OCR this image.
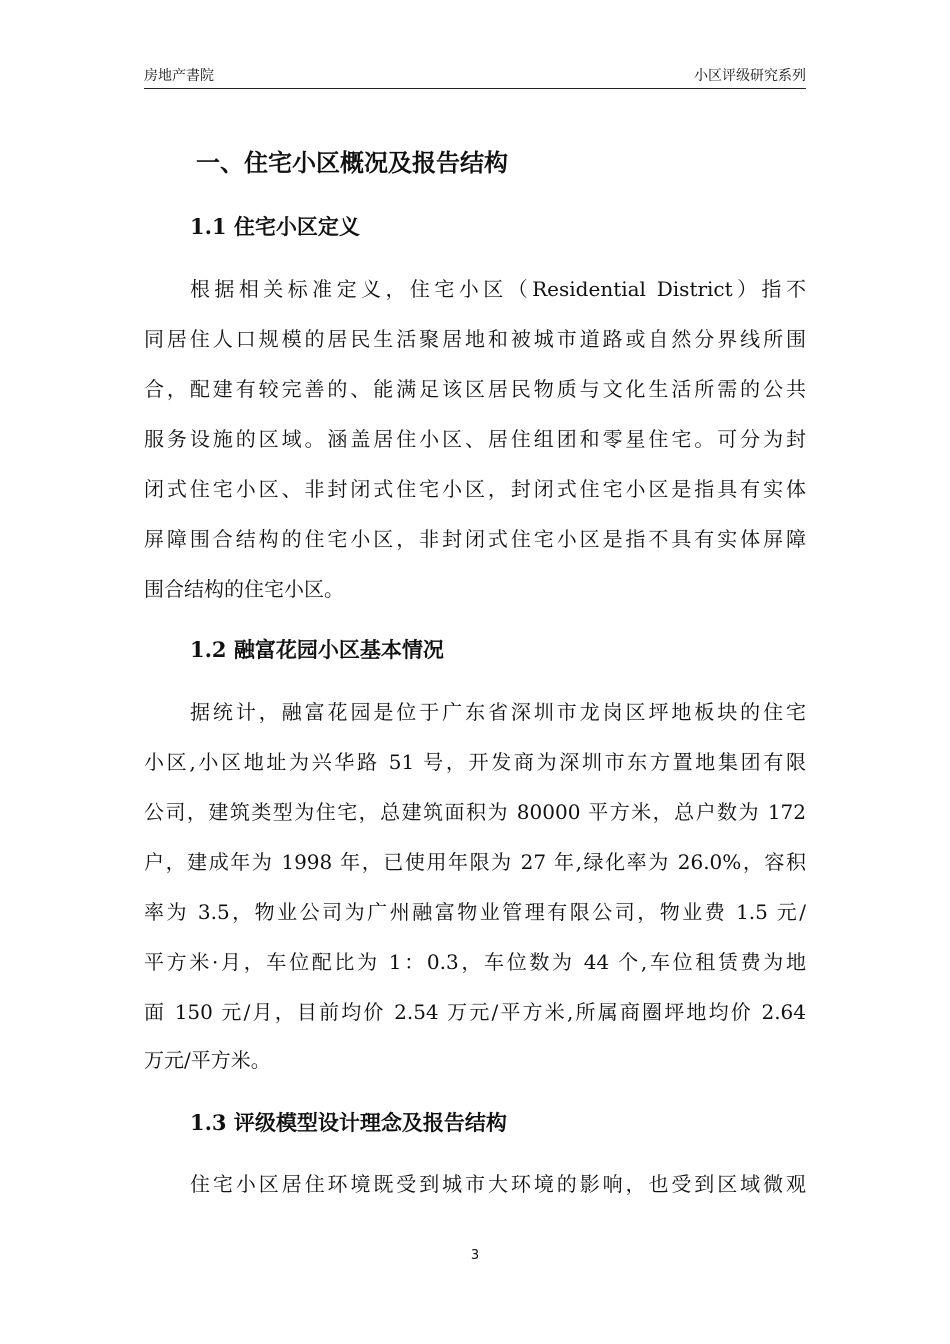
房地产書院	小区评级研究系列
一、住宅小区概况及报告结构
1.1 住宅小区定义
根据相关标准定义，住宅小区（Residential District）指不
同居住人口规模的居民生活聚居地和被城市道路或自然分界线所围
合，配建有较完善的、能满足该区居民物质与文化生活所需的公共
服务设施的区域。涵盖居住小区、居住组团和零星住宅。可分为封
闭式住宅小区、非封闭式住宅小区，封闭式住宅小区是指具有实体
屏障围合结构的住宅小区，非封闭式住宅小区是指不具有实体屏障
围合结构的住宅小区。
1.2 融富花园小区基本情况
据统计，融富花园是位于广东省深圳市龙岗区坪地板块的住宅
小区,小区地址为兴华路 51 号，开发商为深圳市东方置地集团有限
公司，建筑类型为住宅，总建筑面积为 80000 平方米，总户数为 172
户，建成年为 1998 年，已使用年限为 27 年,绿化率为 26.0%，容积
率为 3.5，物业公司为广州融富物业管理有限公司，物业费 1.5 元/
平方米·月，车位配比为 1：0.3，车位数为 44 个,车位租赁费为地
面 150 元/月，目前均价 2.54 万元/平方米,所属商圈坪地均价 2.64
万元/平方米。
1.3 评级模型设计理念及报告结构
住宅小区居住环境既受到城市大环境的影响，也受到区域微观
3
